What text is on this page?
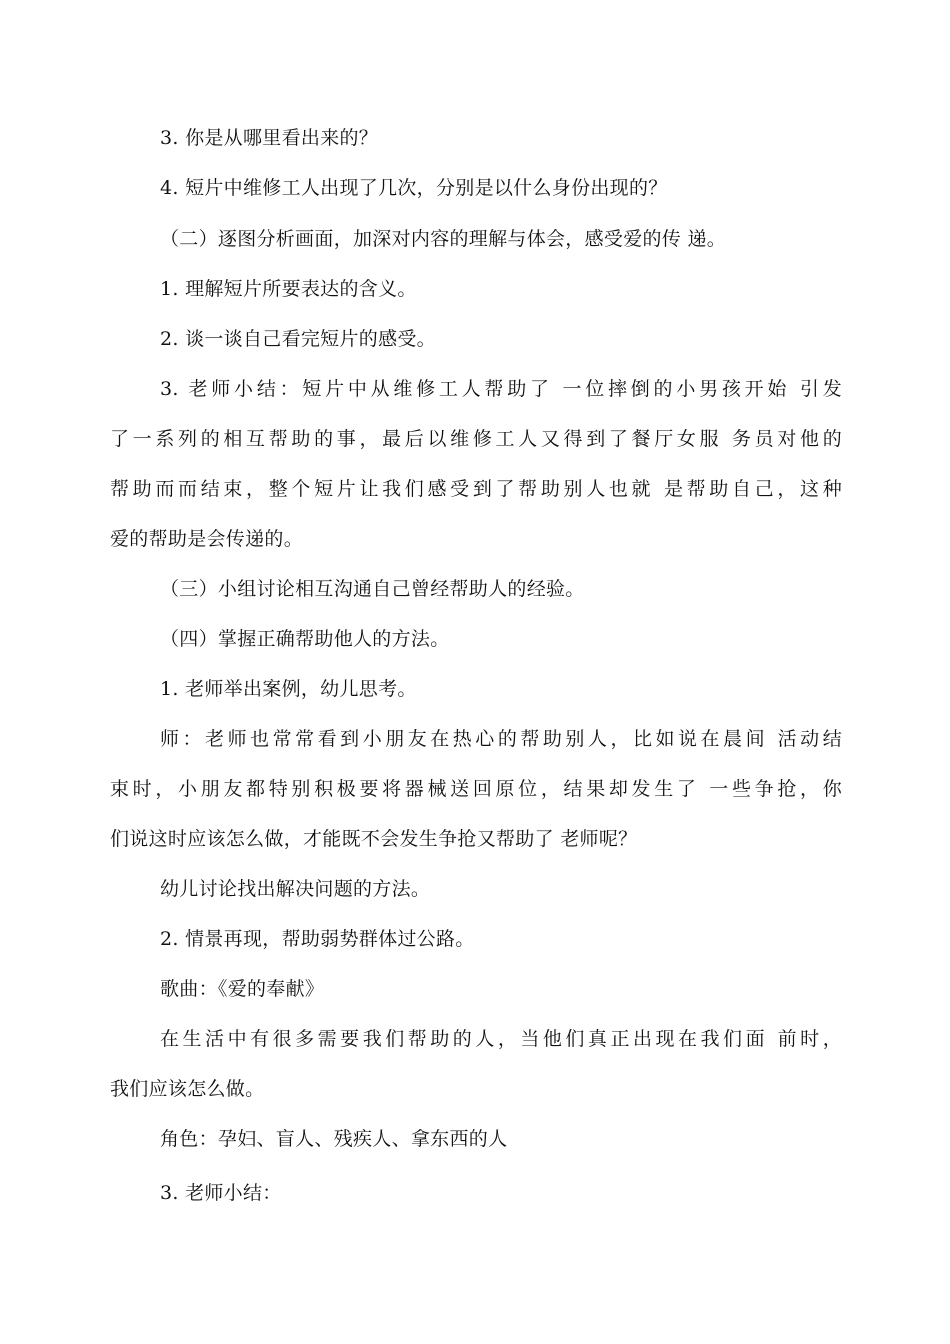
3. 你是从哪里看出来的？

4. 短片中维修工人出现了几次，分别是以什么身份出现的？

（二）逐图分析画面，加深对内容的理解与体会，感受爱的传 递。

1. 理解短片所要表达的含义。

2. 谈一谈自己看完短片的感受。

3. 老师小结：短片中从维修工人帮助了 一位摔倒的小男孩开始 引发

了一系列的相互帮助的事，最后以维修工人又得到了餐厅女服 务员对他的

帮助而而结束，整个短片让我们感受到了帮助别人也就 是帮助自己，这种

爱的帮助是会传递的。

（三）小组讨论相互沟通自己曾经帮助人的经验。

（四）掌握正确帮助他人的方法。

1. 老师举出案例，幼儿思考。

师：老师也常常看到小朋友在热心的帮助别人，比如说在晨间 活动结

束时，小朋友都特别积极要将器械送回原位，结果却发生了 一些争抢，你

们说这时应该怎么做，才能既不会发生争抢又帮助了 老师呢？

幼儿讨论找出解决问题的方法。

2. 情景再现，帮助弱势群体过公路。

歌曲：《爱的奉献》

在生活中有很多需要我们帮助的人，当他们真正出现在我们面 前时，

我们应该怎么做。

角色：孕妇、盲人、残疾人、拿东西的人

3. 老师小结：
